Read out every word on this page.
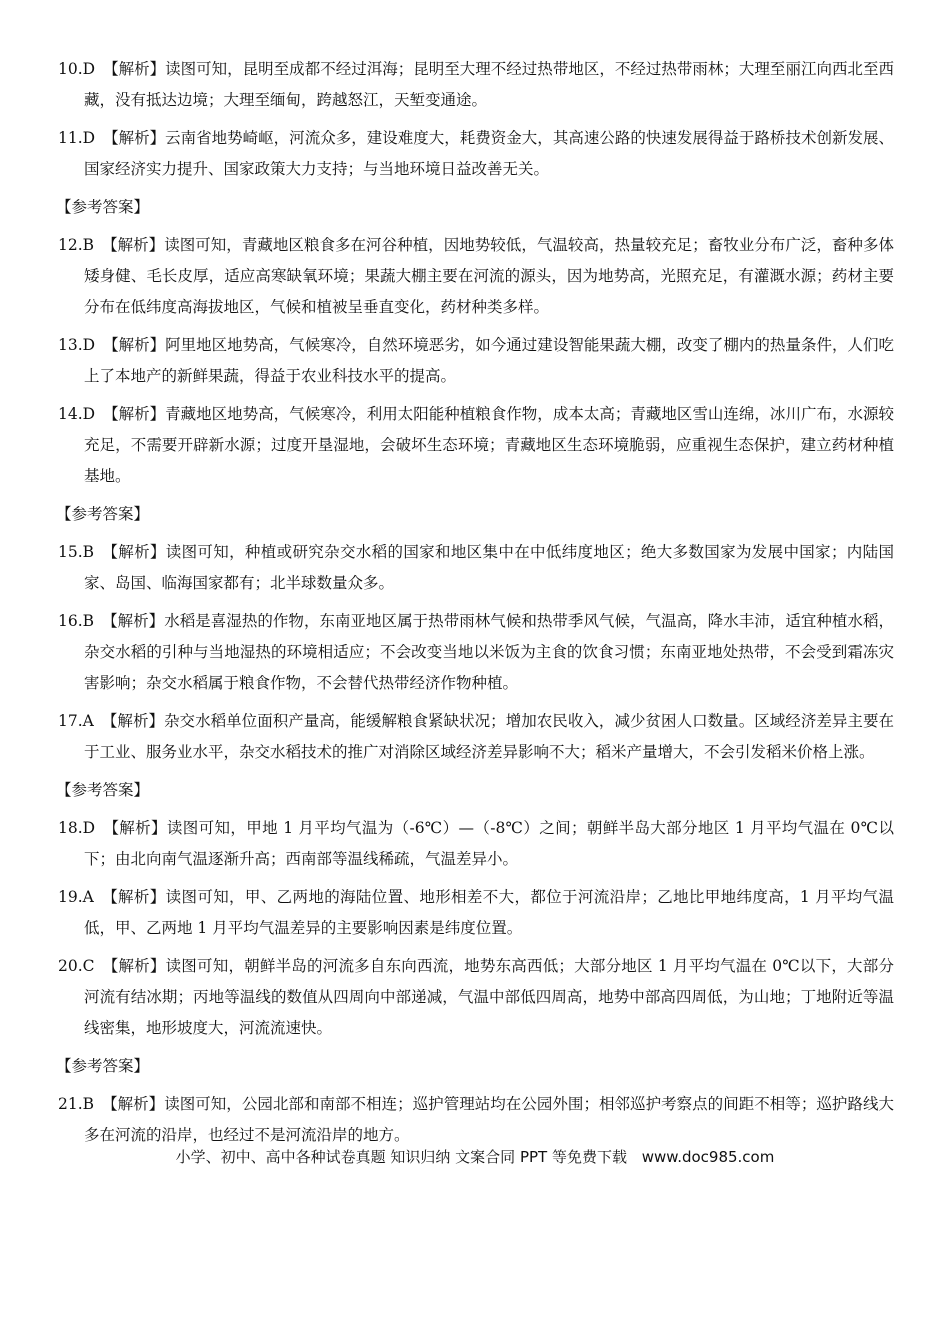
10.D 【解析】读图可知，昆明至成都不经过洱海；昆明至大理不经过热带地区，不经过热带雨林；大理至丽江向西北至西藏，没有抵达边境；大理至缅甸，跨越怒江，天堑变通途。
11.D 【解析】云南省地势崎岖，河流众多，建设难度大，耗费资金大，其高速公路的快速发展得益于路桥技术创新发展、国家经济实力提升、国家政策大力支持；与当地环境日益改善无关。
【参考答案】
12.B 【解析】读图可知，青藏地区粮食多在河谷种植，因地势较低，气温较高，热量较充足；畜牧业分布广泛，畜种多体矮身健、毛长皮厚，适应高寒缺氧环境；果蔬大棚主要在河流的源头，因为地势高，光照充足，有灌溉水源；药材主要分布在低纬度高海拔地区，气候和植被呈垂直变化，药材种类多样。
13.D 【解析】阿里地区地势高，气候寒冷，自然环境恶劣，如今通过建设智能果蔬大棚，改变了棚内的热量条件，人们吃上了本地产的新鲜果蔬，得益于农业科技水平的提高。
14.D 【解析】青藏地区地势高，气候寒冷，利用太阳能种植粮食作物，成本太高；青藏地区雪山连绵，冰川广布，水源较充足，不需要开辟新水源；过度开垦湿地，会破坏生态环境；青藏地区生态环境脆弱，应重视生态保护，建立药材种植基地。
【参考答案】
15.B 【解析】读图可知，种植或研究杂交水稻的国家和地区集中在中低纬度地区；绝大多数国家为发展中国家；内陆国家、岛国、临海国家都有；北半球数量众多。
16.B 【解析】水稻是喜湿热的作物，东南亚地区属于热带雨林气候和热带季风气候，气温高，降水丰沛，适宜种植水稻，杂交水稻的引种与当地湿热的环境相适应；不会改变当地以米饭为主食的饮食习惯；东南亚地处热带，不会受到霜冻灾害影响；杂交水稻属于粮食作物，不会替代热带经济作物种植。
17.A 【解析】杂交水稻单位面积产量高，能缓解粮食紧缺状况；增加农民收入，减少贫困人口数量。区域经济差异主要在于工业、服务业水平，杂交水稻技术的推广对消除区域经济差异影响不大；稻米产量增大，不会引发稻米价格上涨。
【参考答案】
18.D 【解析】读图可知，甲地 1 月平均气温为（-6℃）—（-8℃）之间；朝鲜半岛大部分地区 1 月平均气温在 0℃以下；由北向南气温逐渐升高；西南部等温线稀疏，气温差异小。
19.A 【解析】读图可知，甲、乙两地的海陆位置、地形相差不大，都位于河流沿岸；乙地比甲地纬度高，1 月平均气温低，甲、乙两地 1 月平均气温差异的主要影响因素是纬度位置。
20.C 【解析】读图可知，朝鲜半岛的河流多自东向西流，地势东高西低；大部分地区 1 月平均气温在 0℃以下，大部分河流有结冰期；丙地等温线的数值从四周向中部递减，气温中部低四周高，地势中部高四周低，为山地；丁地附近等温线密集，地形坡度大，河流流速快。
【参考答案】
21.B 【解析】读图可知，公园北部和南部不相连；巡护管理站均在公园外围；相邻巡护考察点的间距不相等；巡护路线大多在河流的沿岸，也经过不是河流沿岸的地方。
小学、初中、高中各种试卷真题 知识归纳 文案合同 PPT 等免费下载 www.doc985.com
